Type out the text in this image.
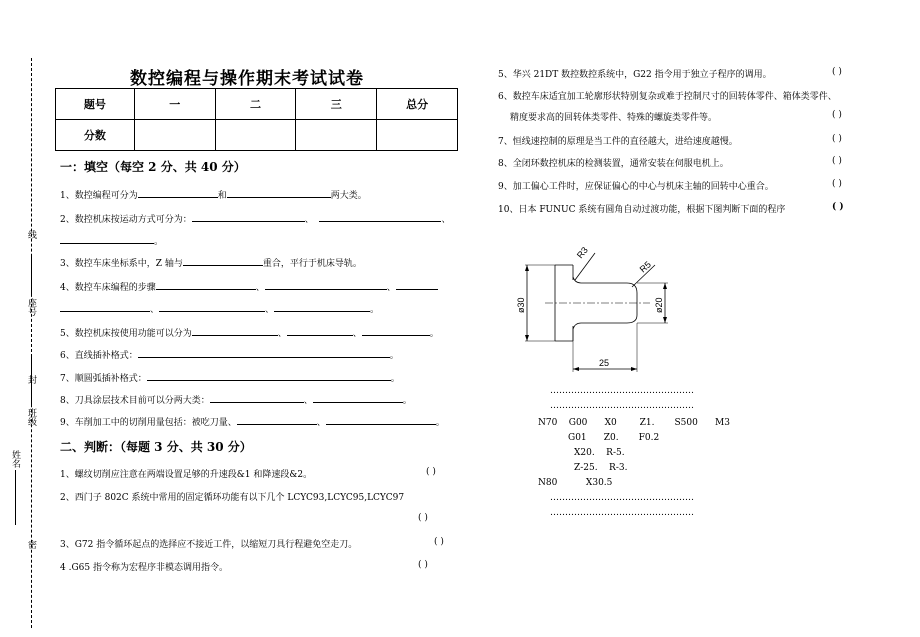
线
座号
封
班级
姓名
密
数控编程与操作期末考试试卷
题号	一	二	三	总分
分数				
一：填空（每空 2 分、共 40 分）
1、数控编程可分为	和	两大类。
2、数控机床按运动方式可分为：	、	、
。
3、数控车床坐标系中，Z 轴与	重合，平行于机床导轨。
4、数控车床编程的步骤	、	、
、	、	。
5、数控机床按使用功能可以分为	、	、	。
6、直线插补格式：	。
7、顺圆弧插补格式：	。
8、刀具涂层技术目前可以分两大类：	、	。
9、车削加工中的切削用量包括：被吃刀量、	、	。
二、判断：（每题 3 分、共 30 分）
1、螺纹切削应注意在两端设置足够的升速段&1 和降速段&2。	( )
2、西门子 802C 系统中常用的固定循环功能有以下几个 LCYC93,LCYC95,LCYC97
( )
3、G72 指令循环起点的选择应不接近工件，以缩短刀具行程避免空走刀。	( )
4 .G65 指令称为宏程序非模态调用指令。	( )
5、华兴 21DT 数控数控系统中，G22 指令用于独立子程序的调用。	( )
6、数控车床适宜加工轮廓形状特别复杂或难于控制尺寸的回转体零件、箱体类零件、
精度要求高的回转体类零件、特殊的螺旋类零件等。	( )
7、恒线速控制的原理是当工件的直径越大，进给速度越慢。	( )
8、全闭环数控机床的检测装置，通常安装在伺服电机上。	( )
9、加工偏心工件时，应保证偏心的中心与机床主轴的回转中心重合。	( )
10、日本 FUNUC 系统有圆角自动过渡功能，根据下图判断下面的程序	( )
R3
R5
ø30	ø20
25
…………………………………………
…………………………………………
N70    G00      X0        Z1.       S500      M3
G01      Z0.       F0.2
X20.    R-5.
Z-25.    R-3.
N80          X30.5
…………………………………………
…………………………………………
